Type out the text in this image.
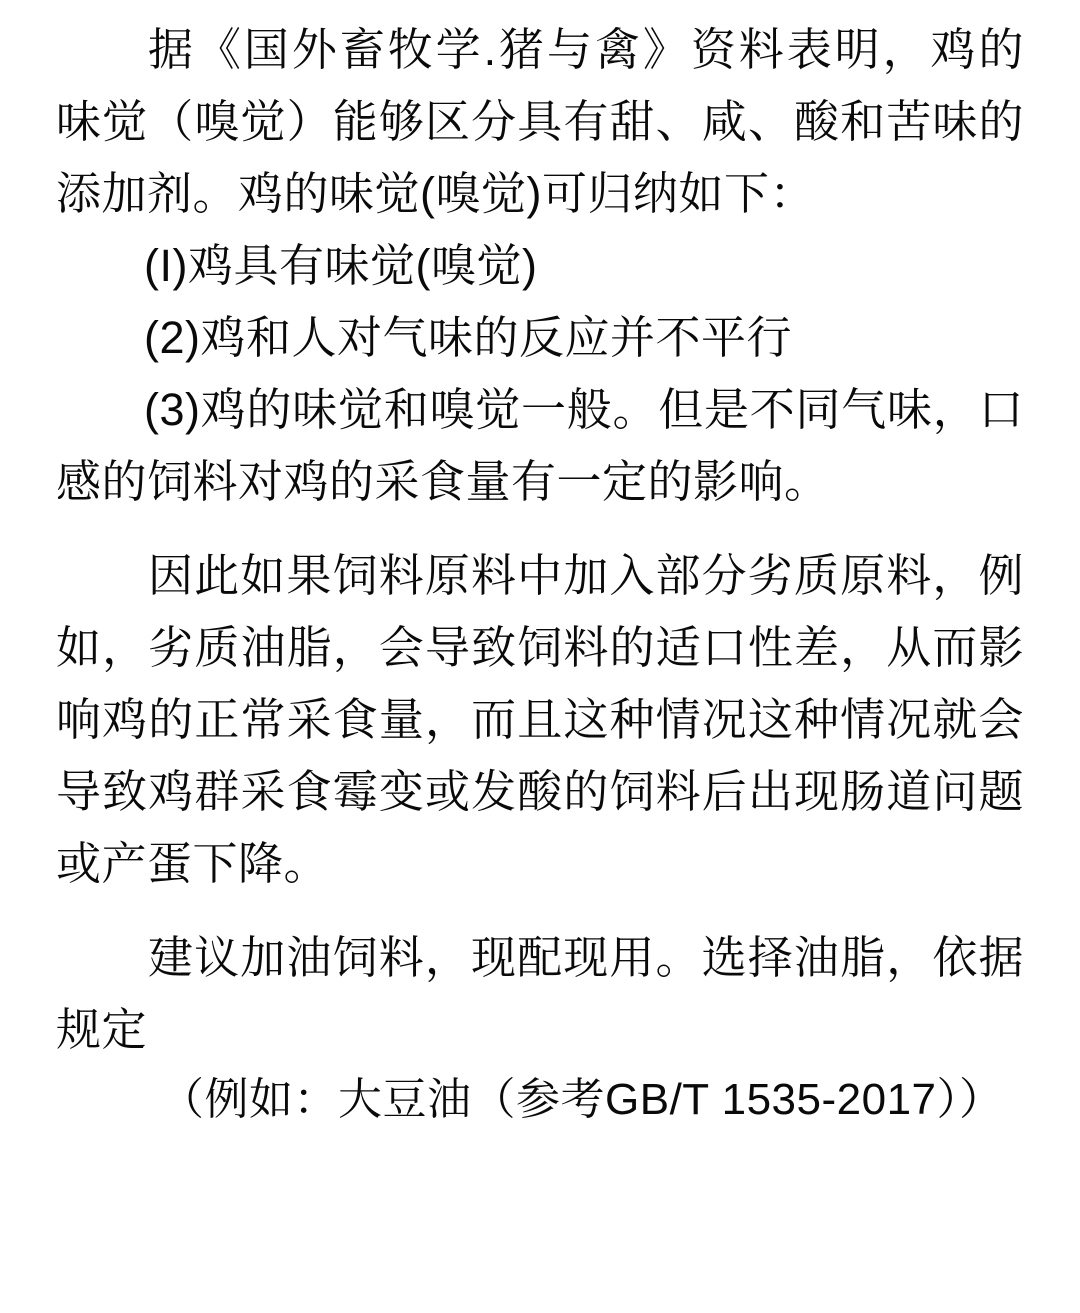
据《国外畜牧学.猪与禽》资料表明，鸡的味觉（嗅觉）能够区分具有甜、咸、酸和苦味的添加剂。鸡的味觉(嗅觉)可归纳如下：

(I)鸡具有味觉(嗅觉)

(2)鸡和人对气味的反应并不平行

(3)鸡的味觉和嗅觉一般。但是不同气味，口感的饲料对鸡的采食量有一定的影响。

因此如果饲料原料中加入部分劣质原料，例如，劣质油脂，会导致饲料的适口性差，从而影响鸡的正常采食量，而且这种情况这种情况就会导致鸡群采食霉变或发酸的饲料后出现肠道问题或产蛋下降。

建议加油饲料，现配现用。选择油脂，依据规定

（例如：大豆油（参考GB/T 1535-2017））
